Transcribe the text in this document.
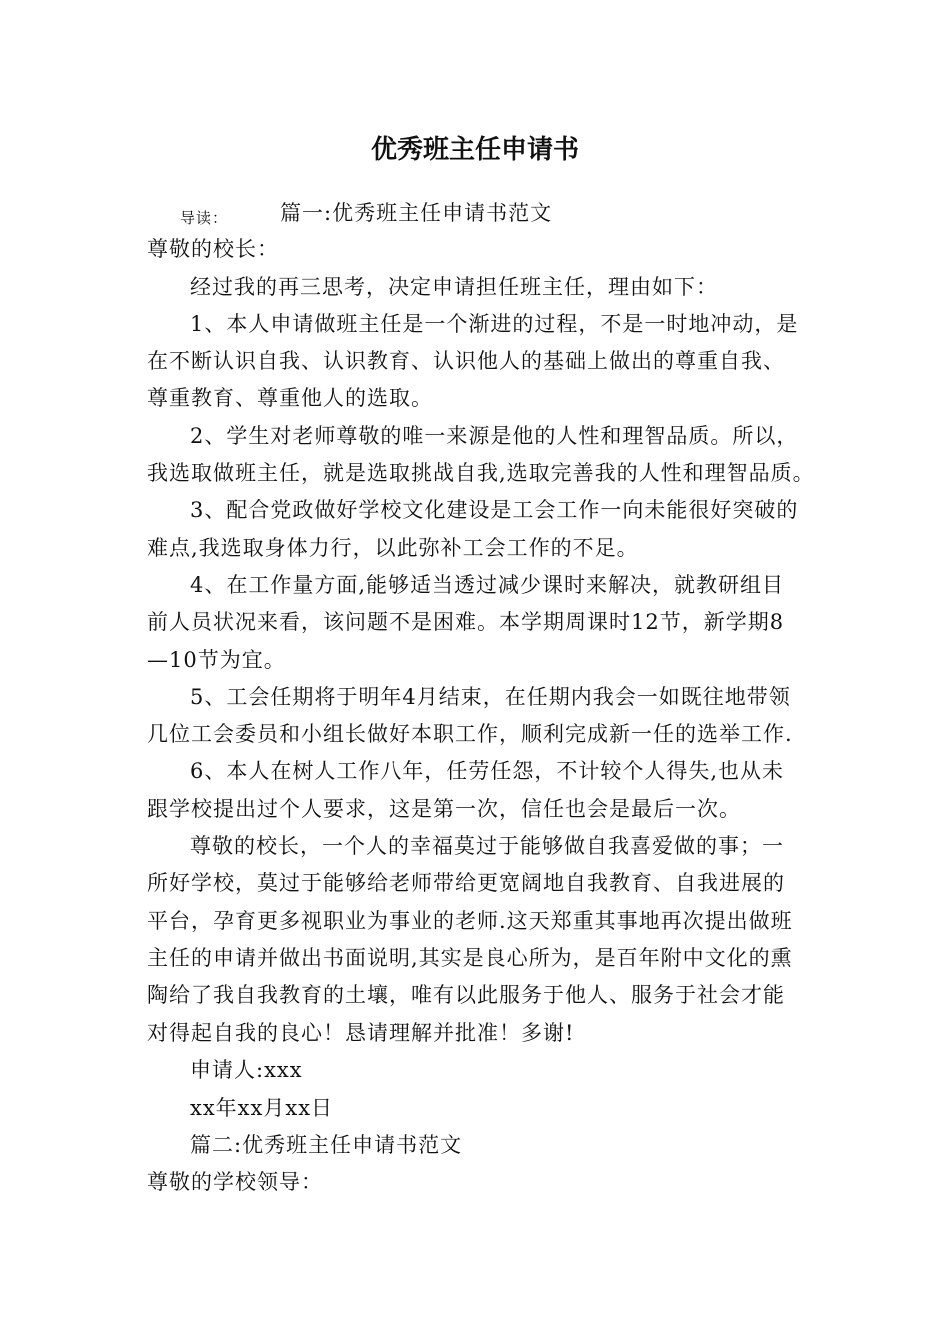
优秀班主任申请书
导读： 篇一:优秀班主任申请书范文
尊敬的校长：
经过我的再三思考，决定申请担任班主任，理由如下：
1、本人申请做班主任是一个渐进的过程，不是一时地冲动，是
在不断认识自我、认识教育、认识他人的基础上做出的尊重自我、
尊重教育、尊重他人的选取。
2、学生对老师尊敬的唯一来源是他的人性和理智品质。所以，
我选取做班主任，就是选取挑战自我,选取完善我的人性和理智品质。
3、配合党政做好学校文化建设是工会工作一向未能很好突破的
难点,我选取身体力行，以此弥补工会工作的不足。
4、在工作量方面,能够适当透过减少课时来解决，就教研组目
前人员状况来看，该问题不是困难。本学期周课时12节，新学期8
—10节为宜。
5、工会任期将于明年4月结束，在任期内我会一如既往地带领
几位工会委员和小组长做好本职工作，顺利完成新一任的选举工作.
6、本人在树人工作八年，任劳任怨，不计较个人得失,也从未
跟学校提出过个人要求，这是第一次，信任也会是最后一次。
尊敬的校长，一个人的幸福莫过于能够做自我喜爱做的事；一
所好学校，莫过于能够给老师带给更宽阔地自我教育、自我进展的
平台，孕育更多视职业为事业的老师.这天郑重其事地再次提出做班
主任的申请并做出书面说明,其实是良心所为，是百年附中文化的熏
陶给了我自我教育的土壤，唯有以此服务于他人、服务于社会才能
对得起自我的良心！恳请理解并批准！多谢!
申请人:xxx
xx年xx月xx日
篇二:优秀班主任申请书范文
尊敬的学校领导：
